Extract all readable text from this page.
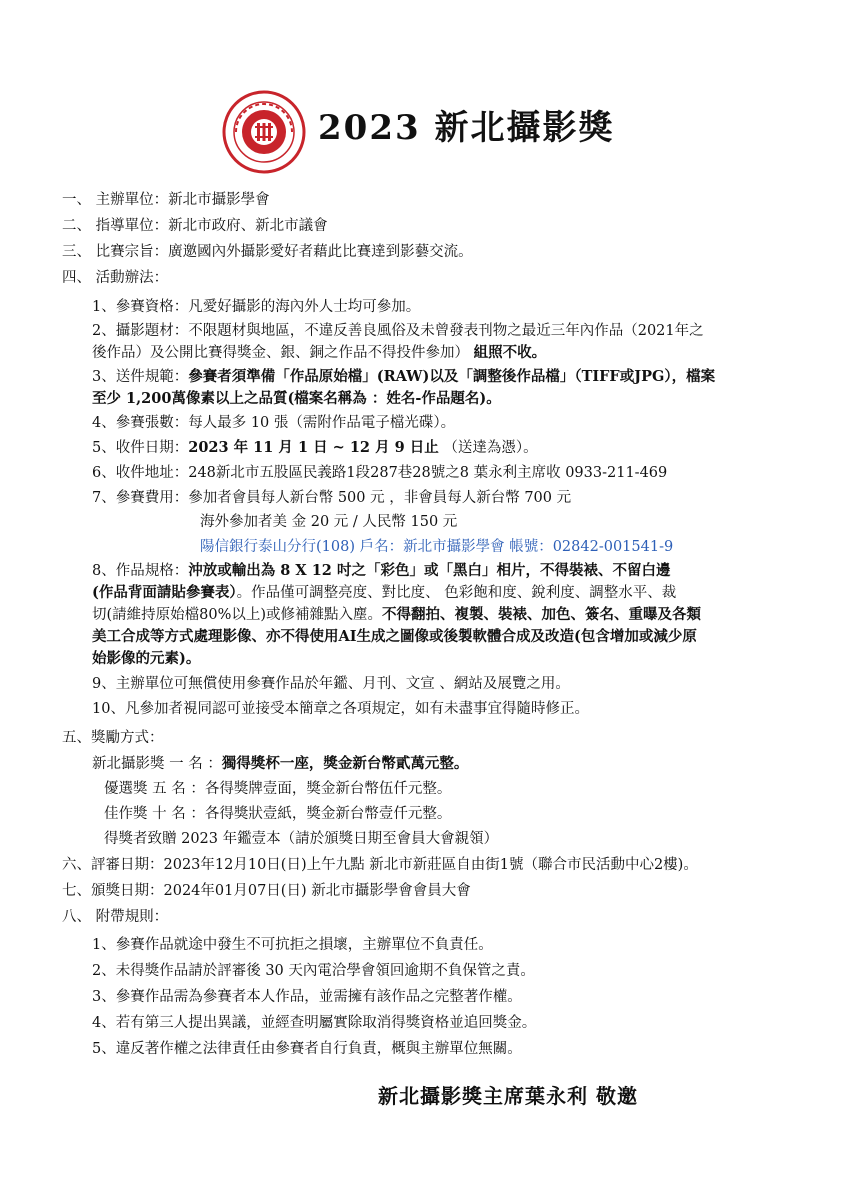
2023 新北攝影獎
一、 主辦單位：新北市攝影學會
二、 指導單位：新北市政府、新北市議會
三、 比賽宗旨：廣邀國內外攝影愛好者藉此比賽達到影藝交流。
四、 活動辦法：
1、參賽資格：凡愛好攝影的海內外人士均可參加。
2、攝影題材：不限題材與地區，不違反善良風俗及未曾發表刊物之最近三年內作品（2021年之
後作品）及公開比賽得獎金、銀、銅之作品不得投件參加） 組照不收。
3、送件規範：參賽者須準備「作品原始檔」(RAW)以及「調整後作品檔」（TIFF或JPG），檔案
至少 1,200萬像素以上之品質(檔案名稱為 ：姓名-作品題名)。
4、參賽張數：每人最多 10 張（需附作品電子檔光碟）。
5、收件日期：2023 年 11 月 1 日 ~ 12 月 9 日止 （送達為憑）。
6、收件地址：248新北市五股區民義路1段287巷28號之8 葉永利主席收 0933-211-469
7、參賽費用：參加者會員每人新台幣 500 元 ，非會員每人新台幣 700 元
海外參加者美 金 20 元 / 人民幣 150 元
陽信銀行泰山分行(108) 戶名：新北市攝影學會 帳號：02842-001541-9
8、作品規格：沖放或輸出為 8 X 12 吋之「彩色」或「黑白」相片，不得裝裱、不留白邊
(作品背面請貼參賽表）。作品僅可調整亮度、對比度、 色彩飽和度、銳利度、調整水平、裁
切(請維持原始檔80%以上)或修補雜點入塵。不得翻拍、複製、裝裱、加色、簽名、重曝及各類
美工合成等方式處理影像、亦不得使用AI生成之圖像或後製軟體合成及改造(包含增加或減少原
始影像的元素)。
9、主辦單位可無償使用參賽作品於年鑑、月刊、文宣 、網站及展覽之用。
10、凡參加者視同認可並接受本簡章之各項規定，如有未盡事宜得隨時修正。
五、獎勵方式：
新北攝影獎 一 名 ：獨得獎杯一座，獎金新台幣貳萬元整。
優選獎 五 名 ：各得獎牌壹面，獎金新台幣伍仟元整。
佳作獎 十 名 ：各得獎狀壹紙，獎金新台幣壹仟元整。
得獎者致贈 2023 年鑑壹本（請於頒獎日期至會員大會親領）
六、評審日期：2023年12月10日(日)上午九點 新北市新莊區自由街1號（聯合市民活動中心2樓)。
七、頒獎日期：2024年01月07日(日) 新北市攝影學會會員大會
八、 附帶規則：
1、參賽作品就途中發生不可抗拒之損壞，主辦單位不負責任。
2、未得獎作品請於評審後 30 天內電洽學會領回逾期不負保管之責。
3、參賽作品需為參賽者本人作品，並需擁有該作品之完整著作權。
4、若有第三人提出異議，並經查明屬實除取消得獎資格並追回獎金。
5、違反著作權之法律責任由參賽者自行負責，概與主辦單位無關。
新北攝影獎主席葉永利 敬邀
